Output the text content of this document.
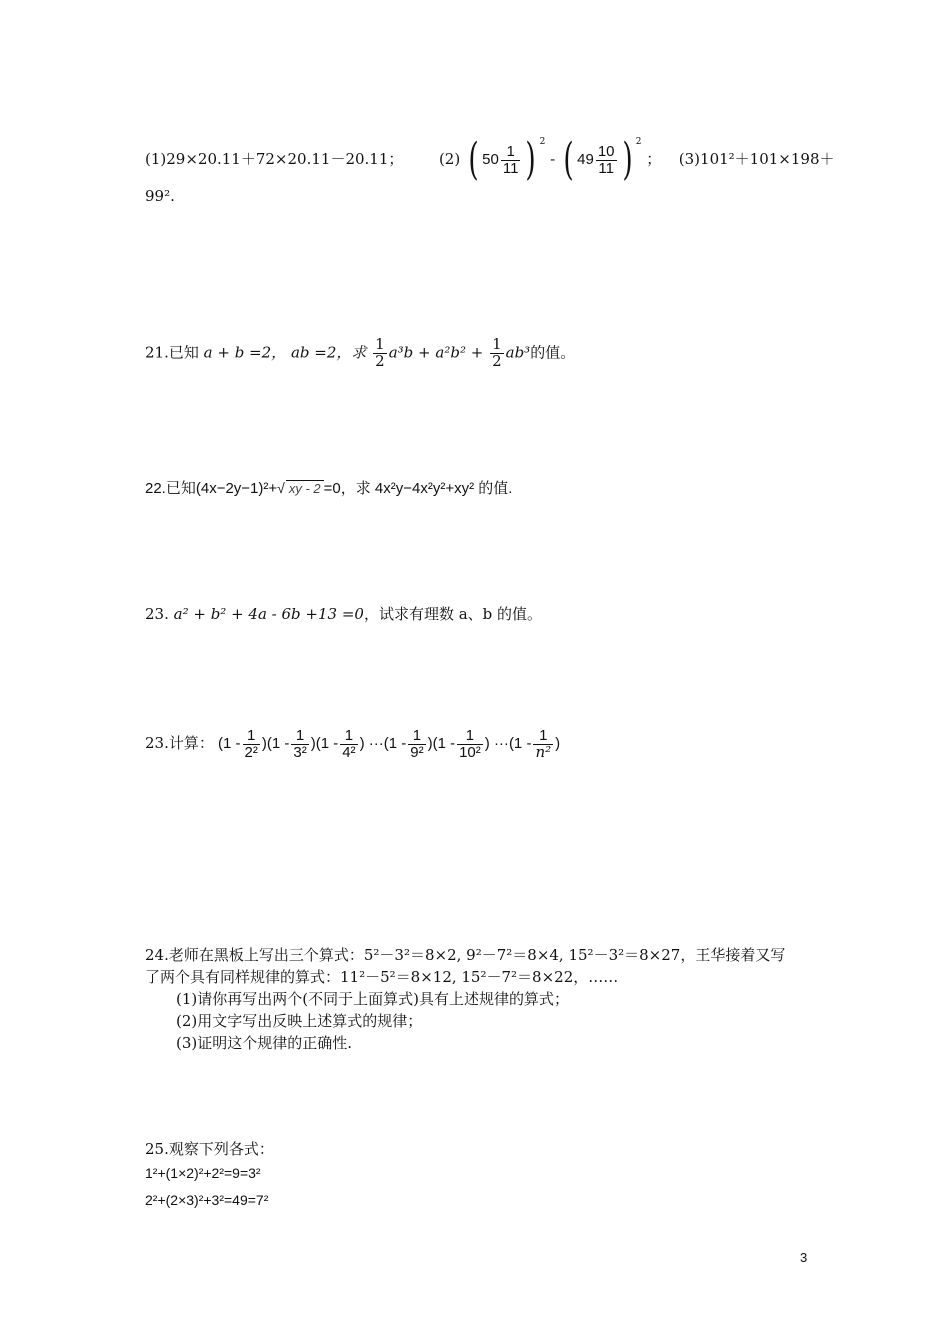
(1)29×20.11＋72×20.11－20.11； (2) ( $50 \frac{1}{11}$ ) $^2$ - ( $49 \frac{10}{11}$ ) $^2$ ； (3)101²＋101×198＋
99².
21.已知 a + b =2， ab =2，求 $\frac{1}{2} a^3b + a^2b^2 + \frac{1}{2} ab^3$的值。
22.已知(4x−2y−1)²+√ xy - 2 =0，求 4x²y−4x²y²+xy² 的值.
23. a² + b² + 4a - 6b +13 =0，试求有理数 a、b 的值。
23.计算： $(1 - \frac{1}{\text{2²}} )(1 - \frac{1}{\text{3²}} )(1 - \frac{1}{\text{4²}}$ ) $\cdot\cdot\cdot(1 - \frac{1}{\text{9²}} )(1 - \frac{1}{\text{10²}}$ ) $\cdot\cdot\cdot(1 - \frac{1}{\text{n²}}$ )
24.老师在黑板上写出三个算式：5²－3²＝8×2, 9²－7²＝8×4, 15²－3²＝8×27，王华接着又写
了两个具有同样规律的算式：11²－5²＝8×12, 15²－7²＝8×22，……
(1)请你再写出两个(不同于上面算式)具有上述规律的算式；
(2)用文字写出反映上述算式的规律；
(3)证明这个规律的正确性.
25.观察下列各式：
1²+(1×2)²+2²=9=3²
2²+(2×3)²+3²=49=7²
3
